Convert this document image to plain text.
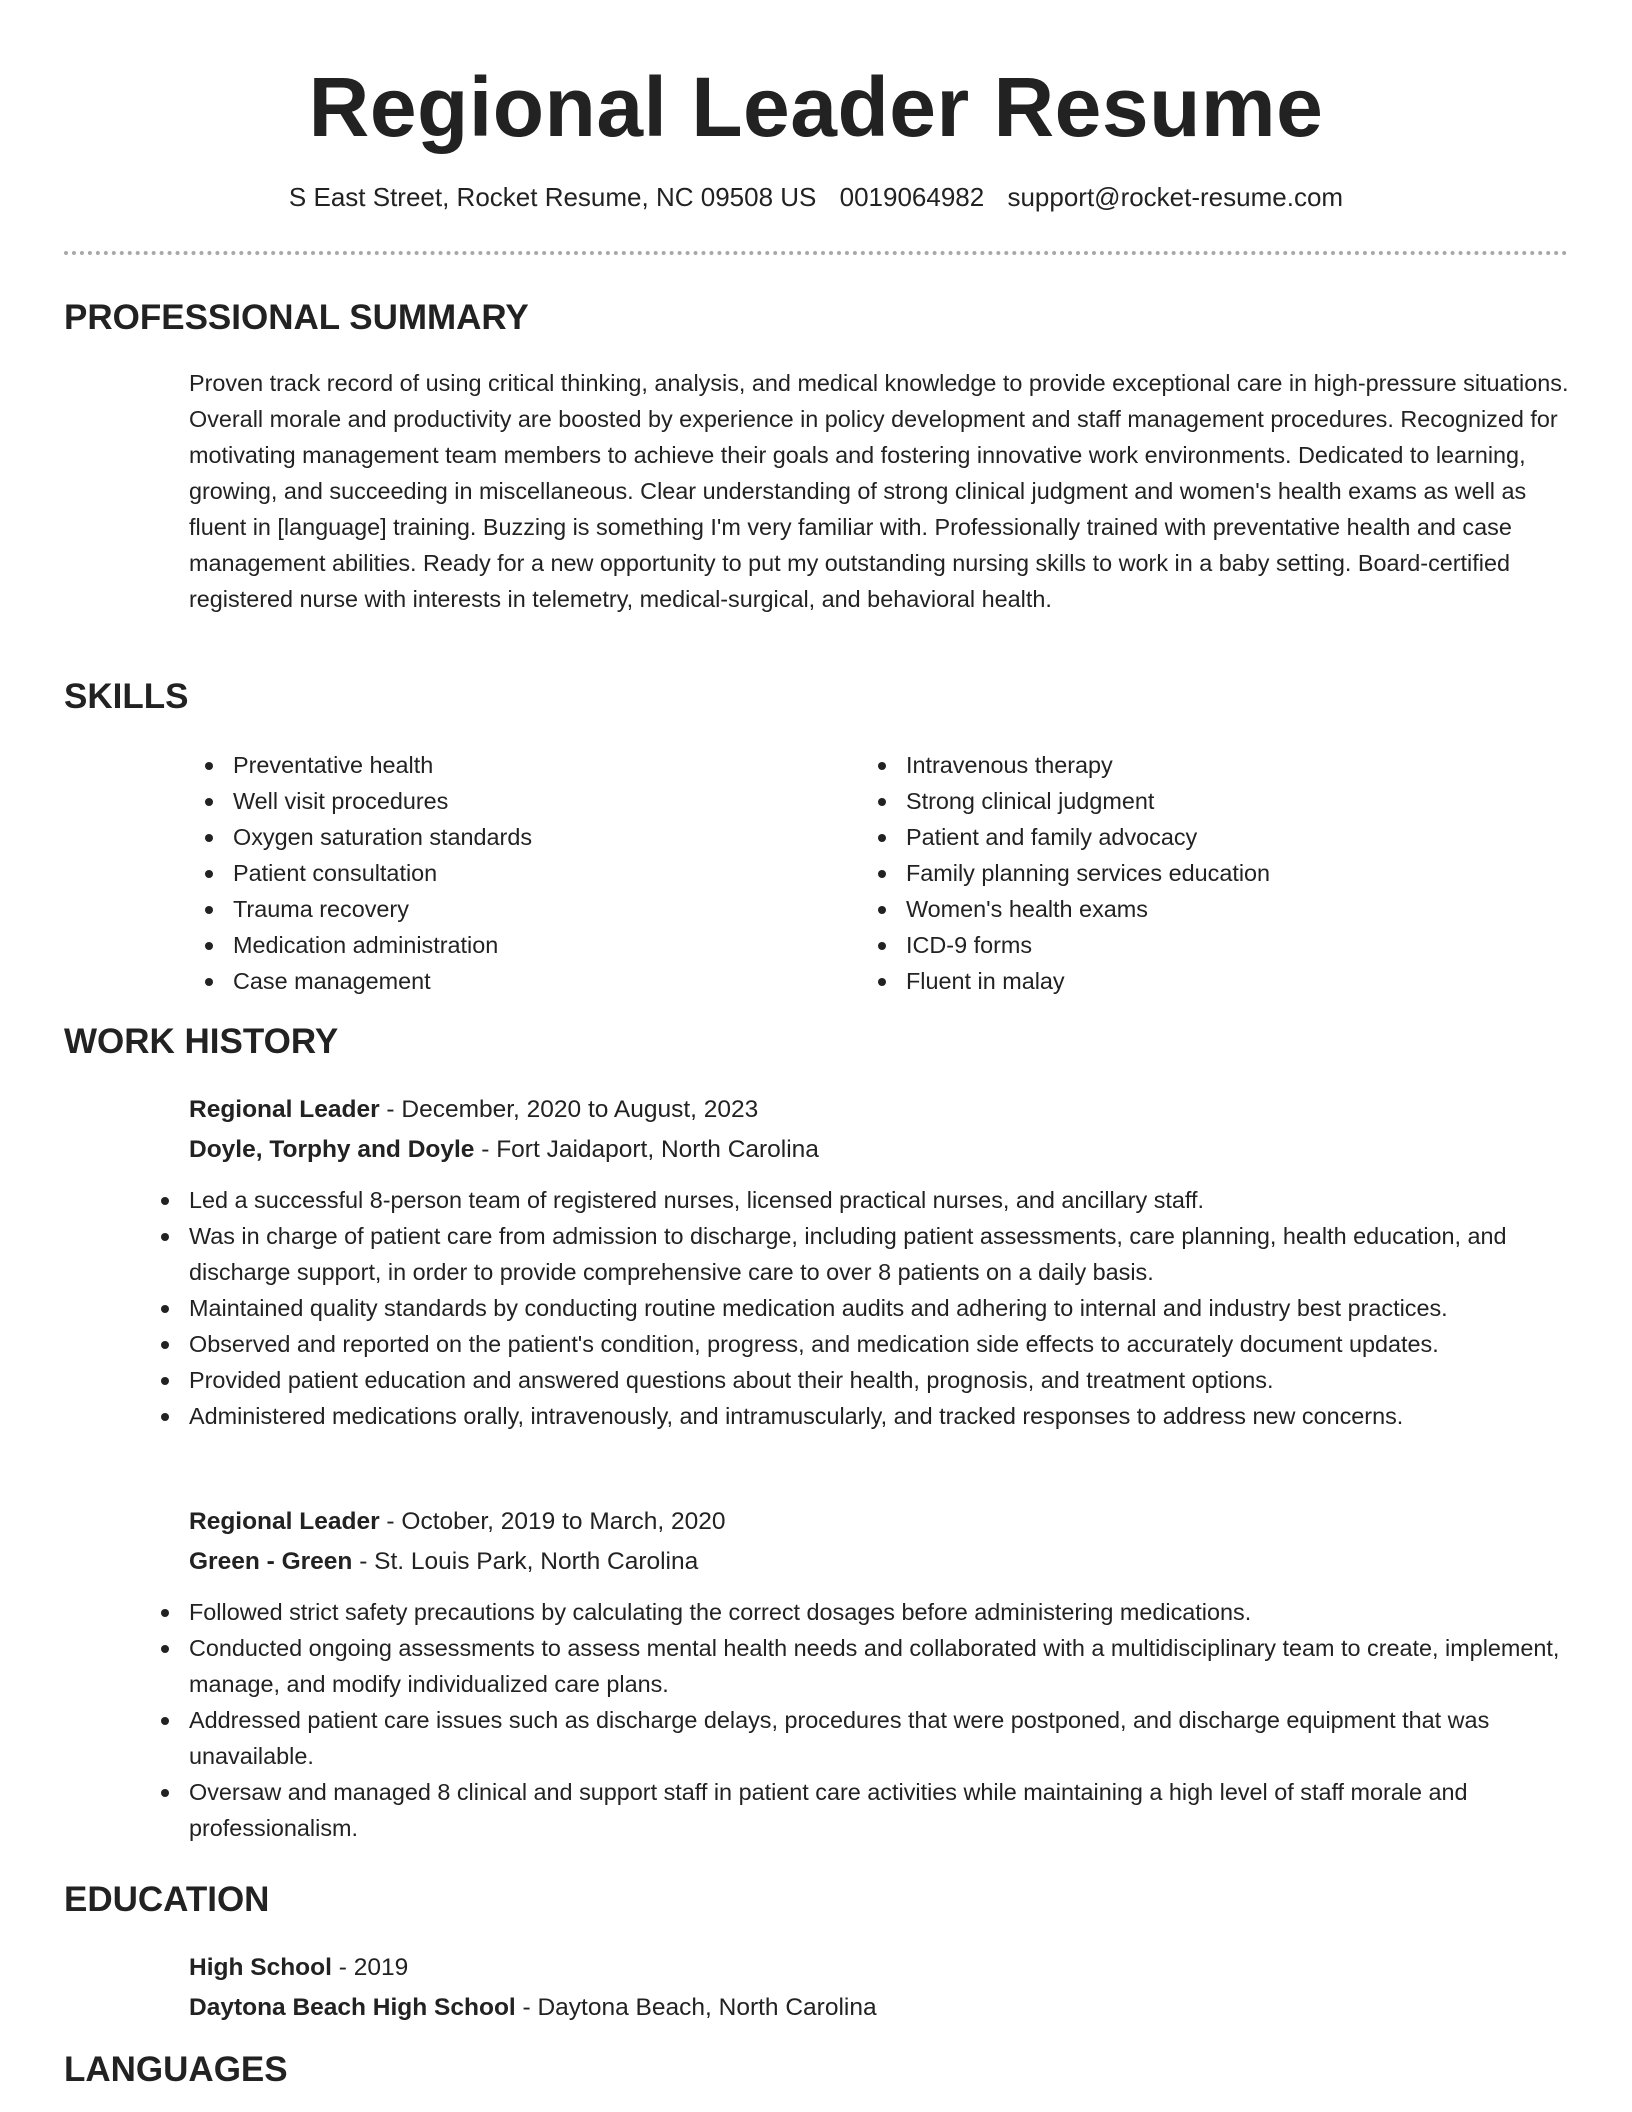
Regional Leader Resume
S East Street, Rocket Resume, NC 09508 US 0019064982 support@rocket-resume.com
PROFESSIONAL SUMMARY

Proven track record of using critical thinking, analysis, and medical knowledge to provide exceptional care in high-pressure situations. Overall morale and productivity are boosted by experience in policy development and staff management procedures. Recognized for motivating management team members to achieve their goals and fostering innovative work environments. Dedicated to learning, growing, and succeeding in miscellaneous. Clear understanding of strong clinical judgment and women's health exams as well as fluent in [language] training. Buzzing is something I'm very familiar with. Professionally trained with preventative health and case management abilities. Ready for a new opportunity to put my outstanding nursing skills to work in a baby setting. Board-certified registered nurse with interests in telemetry, medical-surgical, and behavioral health.

SKILLS
Preventative health
Well visit procedures
Oxygen saturation standards
Patient consultation
Trauma recovery
Medication administration
Case management
Intravenous therapy
Strong clinical judgment
Patient and family advocacy
Family planning services education
Women's health exams
ICD-9 forms
Fluent in malay
WORK HISTORY

Regional Leader - December, 2020 to August, 2023

Doyle, Torphy and Doyle - Fort Jaidaport, North Carolina

Led a successful 8-person team of registered nurses, licensed practical nurses, and ancillary staff.
Was in charge of patient care from admission to discharge, including patient assessments, care planning, health education, and discharge support, in order to provide comprehensive care to over 8 patients on a daily basis.
Maintained quality standards by conducting routine medication audits and adhering to internal and industry best practices.
Observed and reported on the patient's condition, progress, and medication side effects to accurately document updates.
Provided patient education and answered questions about their health, prognosis, and treatment options.
Administered medications orally, intravenously, and intramuscularly, and tracked responses to address new concerns.

Regional Leader - October, 2019 to March, 2020

Green - Green - St. Louis Park, North Carolina

Followed strict safety precautions by calculating the correct dosages before administering medications.
Conducted ongoing assessments to assess mental health needs and collaborated with a multidisciplinary team to create, implement, manage, and modify individualized care plans.
Addressed patient care issues such as discharge delays, procedures that were postponed, and discharge equipment that was unavailable.
Oversaw and managed 8 clinical and support staff in patient care activities while maintaining a high level of staff morale and professionalism.
EDUCATION

High School - 2019

Daytona Beach High School - Daytona Beach, North Carolina

LANGUAGES
